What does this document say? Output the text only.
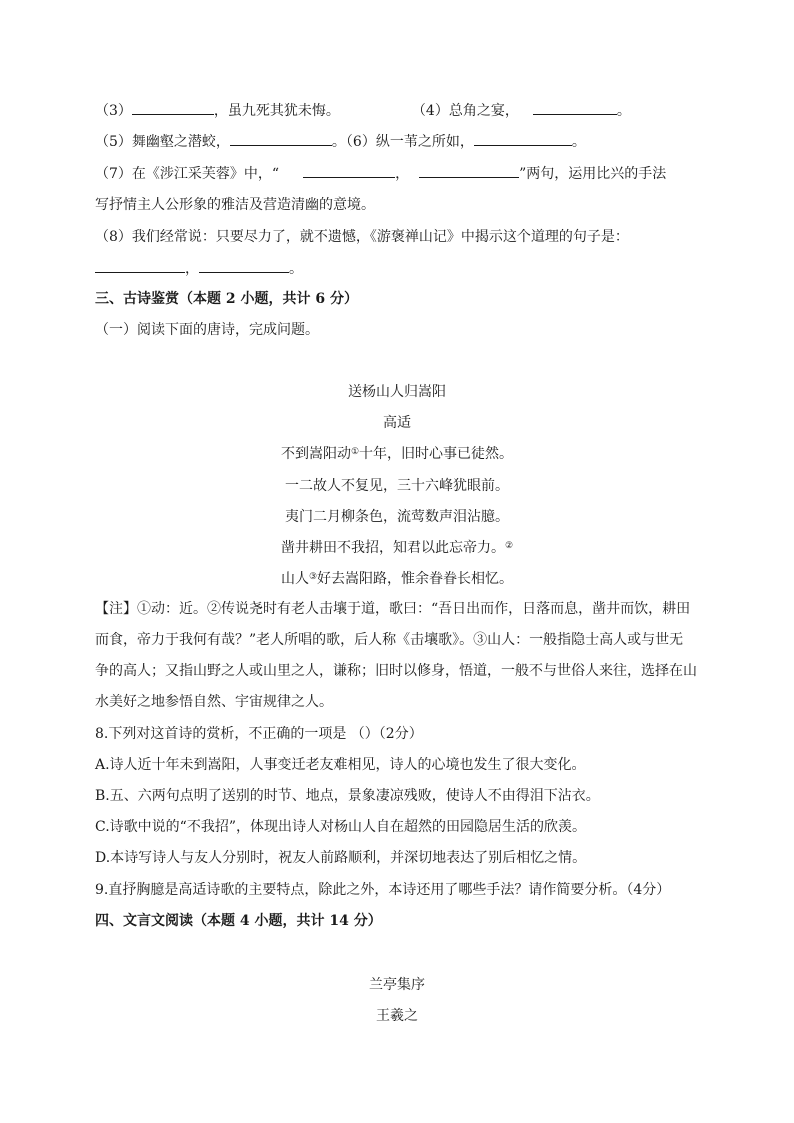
（3）	，虽九死其犹未悔。	（4）总角之宴，	。
（5）舞幽壑之潜蛟，	。（6）纵一苇之所如，	。
（7）在《涉江采芙蓉》中，“	，	”两句，运用比兴的手法
写抒情主人公形象的雅洁及营造清幽的意境。
（8）我们经常说：只要尽力了，就不遗憾，《游褒禅山记》中揭示这个道理的句子是：
，	。
三、古诗鉴赏（本题 2 小题，共计 6 分）
（一）阅读下面的唐诗，完成问题。
送杨山人归嵩阳
高适
不到嵩阳动①十年，旧时心事已徒然。
一二故人不复见，三十六峰犹眼前。
夷门二月柳条色，流莺数声泪沾臆。
凿井耕田不我招，知君以此忘帝力。②
山人③好去嵩阳路，惟余眷眷长相忆。
【注】①动：近。②传说尧时有老人击壤于道，歌曰：“吾日出而作，日落而息，凿井而饮，耕田
而食，帝力于我何有哉？”老人所唱的歌，后人称《击壤歌》。③山人：一般指隐士高人或与世无
争的高人；又指山野之人或山里之人，谦称；旧时以修身，悟道，一般不与世俗人来往，选择在山
水美好之地参悟自然、宇宙规律之人。
8.下列对这首诗的赏析，不正确的一项是 （）（2分）
A.诗人近十年未到嵩阳，人事变迁老友难相见，诗人的心境也发生了很大变化。
B.五、六两句点明了送别的时节、地点，景象凄凉残败，使诗人不由得泪下沾衣。
C.诗歌中说的“不我招”，体现出诗人对杨山人自在超然的田园隐居生活的欣羡。
D.本诗写诗人与友人分别时，祝友人前路顺利，并深切地表达了别后相忆之情。
9.直抒胸臆是高适诗歌的主要特点，除此之外，本诗还用了哪些手法？请作简要分析。（4分）
四、文言文阅读（本题 4 小题，共计 14 分）
兰亭集序
王羲之
